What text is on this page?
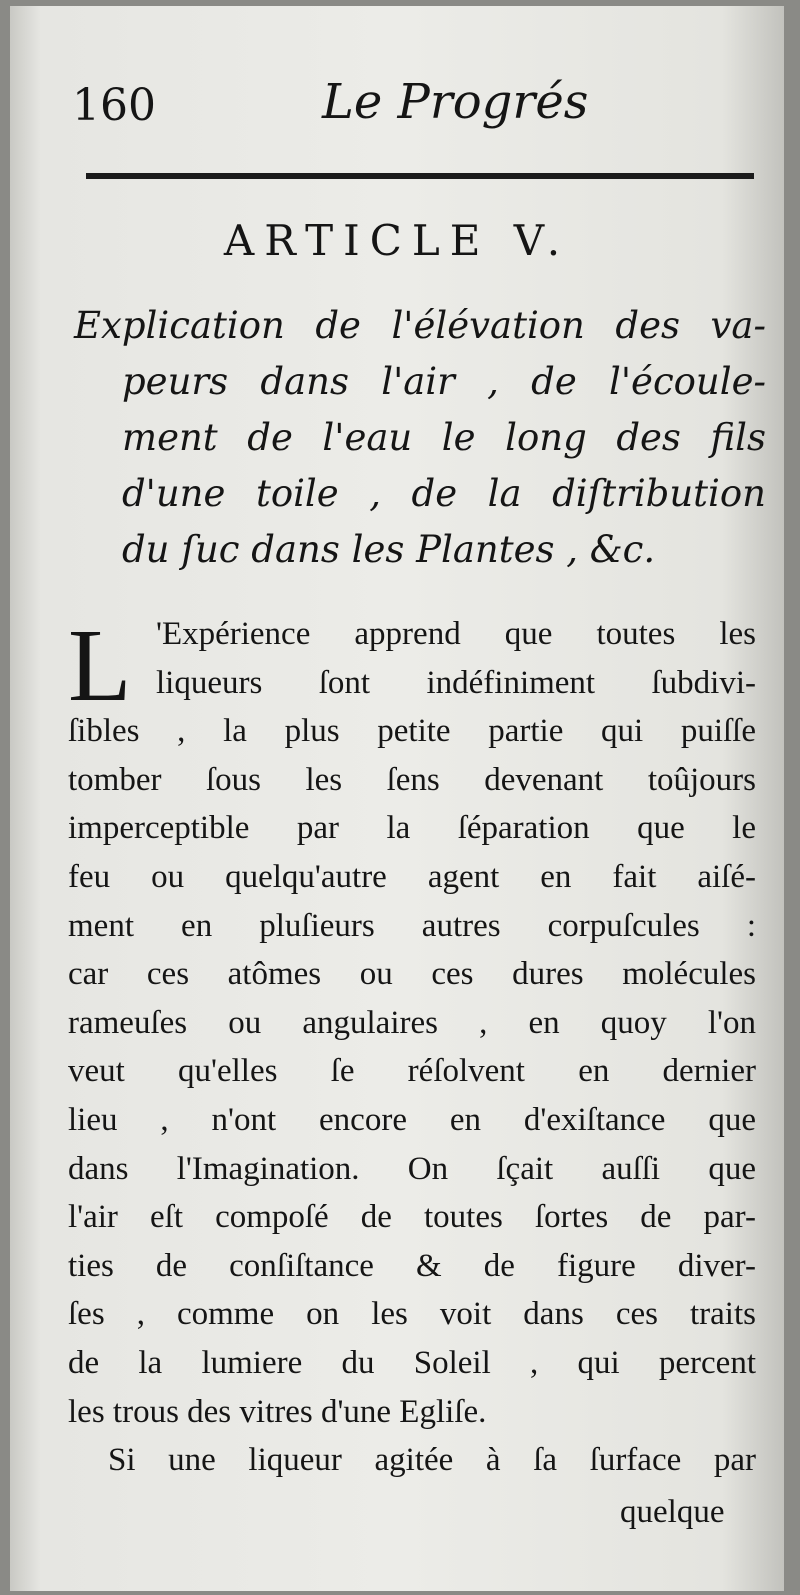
160	Le Progrés
ARTICLE V.
Explication de l'élévation des va-
peurs dans l'air , de l'écoule-
ment de l'eau le long des fils
d'une toile , de la diſtribution
du ſuc dans les Plantes , &c.
L 'Expérience apprend que toutes les
liqueurs ſont indéfiniment ſubdivi-
ſibles , la plus petite partie qui puiſſe
tomber ſous les ſens devenant toûjours
imperceptible par la ſéparation que le
feu ou quelqu'autre agent en fait aiſé-
ment en pluſieurs autres corpuſcules :
car ces atômes ou ces dures molécules
rameuſes ou angulaires , en quoy l'on
veut qu'elles ſe réſolvent en dernier
lieu , n'ont encore en d'exiſtance que
dans l'Imagination. On ſçait auſſi que
l'air eſt compoſé de toutes ſortes de par-
ties de conſiſtance & de figure diver-
ſes , comme on les voit dans ces traits
de la lumiere du Soleil , qui percent
les trous des vitres d'une Egliſe.
Si une liqueur agitée à ſa ſurface par
quelque
